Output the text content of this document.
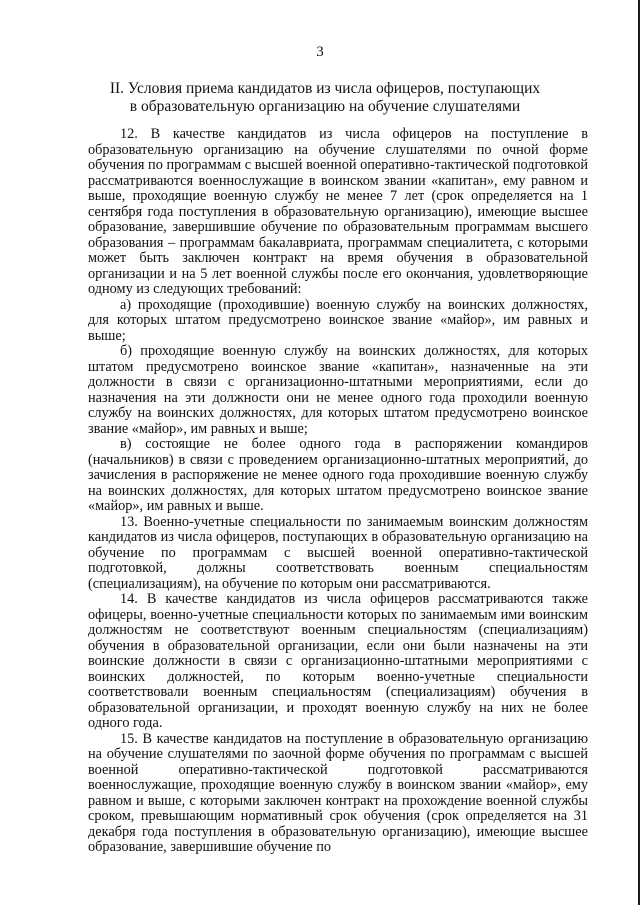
3
II. Условия приема кандидатов из числа офицеров, поступающих
в образовательную организацию на обучение слушателями

12. В качестве кандидатов из числа офицеров на поступление в образовательную организацию на обучение слушателями по очной форме обучения по программам с высшей военной оперативно-тактической подготовкой рассматриваются военнослужащие в воинском звании «капитан», ему равном и выше, проходящие военную службу не менее 7 лет (срок определяется на 1 сентября года поступления в образовательную организацию), имеющие высшее образование, завершившие обучение по образовательным программам высшего образования – программам бакалавриата, программам специалитета, с которыми может быть заключен контракт на время обучения в образовательной организации и на 5 лет военной службы после его окончания, удовлетворяющие одному из следующих требований:

а) проходящие (проходившие) военную службу на воинских должностях, для которых штатом предусмотрено воинское звание «майор», им равных и выше;

б) проходящие военную службу на воинских должностях, для которых штатом предусмотрено воинское звание «капитан», назначенные на эти должности в связи с организационно-штатными мероприятиями, если до назначения на эти должности они не менее одного года проходили военную службу на воинских должностях, для которых штатом предусмотрено воинское звание «майор», им равных и выше;

в) состоящие не более одного года в распоряжении командиров (начальников) в связи с проведением организационно-штатных мероприятий, до зачисления в распоряжение не менее одного года проходившие военную службу на воинских должностях, для которых штатом предусмотрено воинское звание «майор», им равных и выше.

13. Военно-учетные специальности по занимаемым воинским должностям кандидатов из числа офицеров, поступающих в образовательную организацию на обучение по программам с высшей военной оперативно-тактической подготовкой, должны соответствовать военным специальностям (специализациям), на обучение по которым они рассматриваются.

14. В качестве кандидатов из числа офицеров рассматриваются также офицеры, военно-учетные специальности которых по занимаемым ими воинским должностям не соответствуют военным специальностям (специализациям) обучения в образовательной организации, если они были назначены на эти воинские должности в связи с организационно-штатными мероприятиями с воинских должностей, по которым военно-учетные специальности соответствовали военным специальностям (специализациям) обучения в образовательной организации, и проходят военную службу на них не более одного года.

15. В качестве кандидатов на поступление в образовательную организацию на обучение слушателями по заочной форме обучения по программам с высшей военной оперативно-тактической подготовкой рассматриваются военнослужащие, проходящие военную службу в воинском звании «майор», ему равном и выше, с которыми заключен контракт на прохождение военной службы сроком, превышающим нормативный срок обучения (срок определяется на 31 декабря года поступления в образовательную организацию), имеющие высшее образование, завершившие обучение по
